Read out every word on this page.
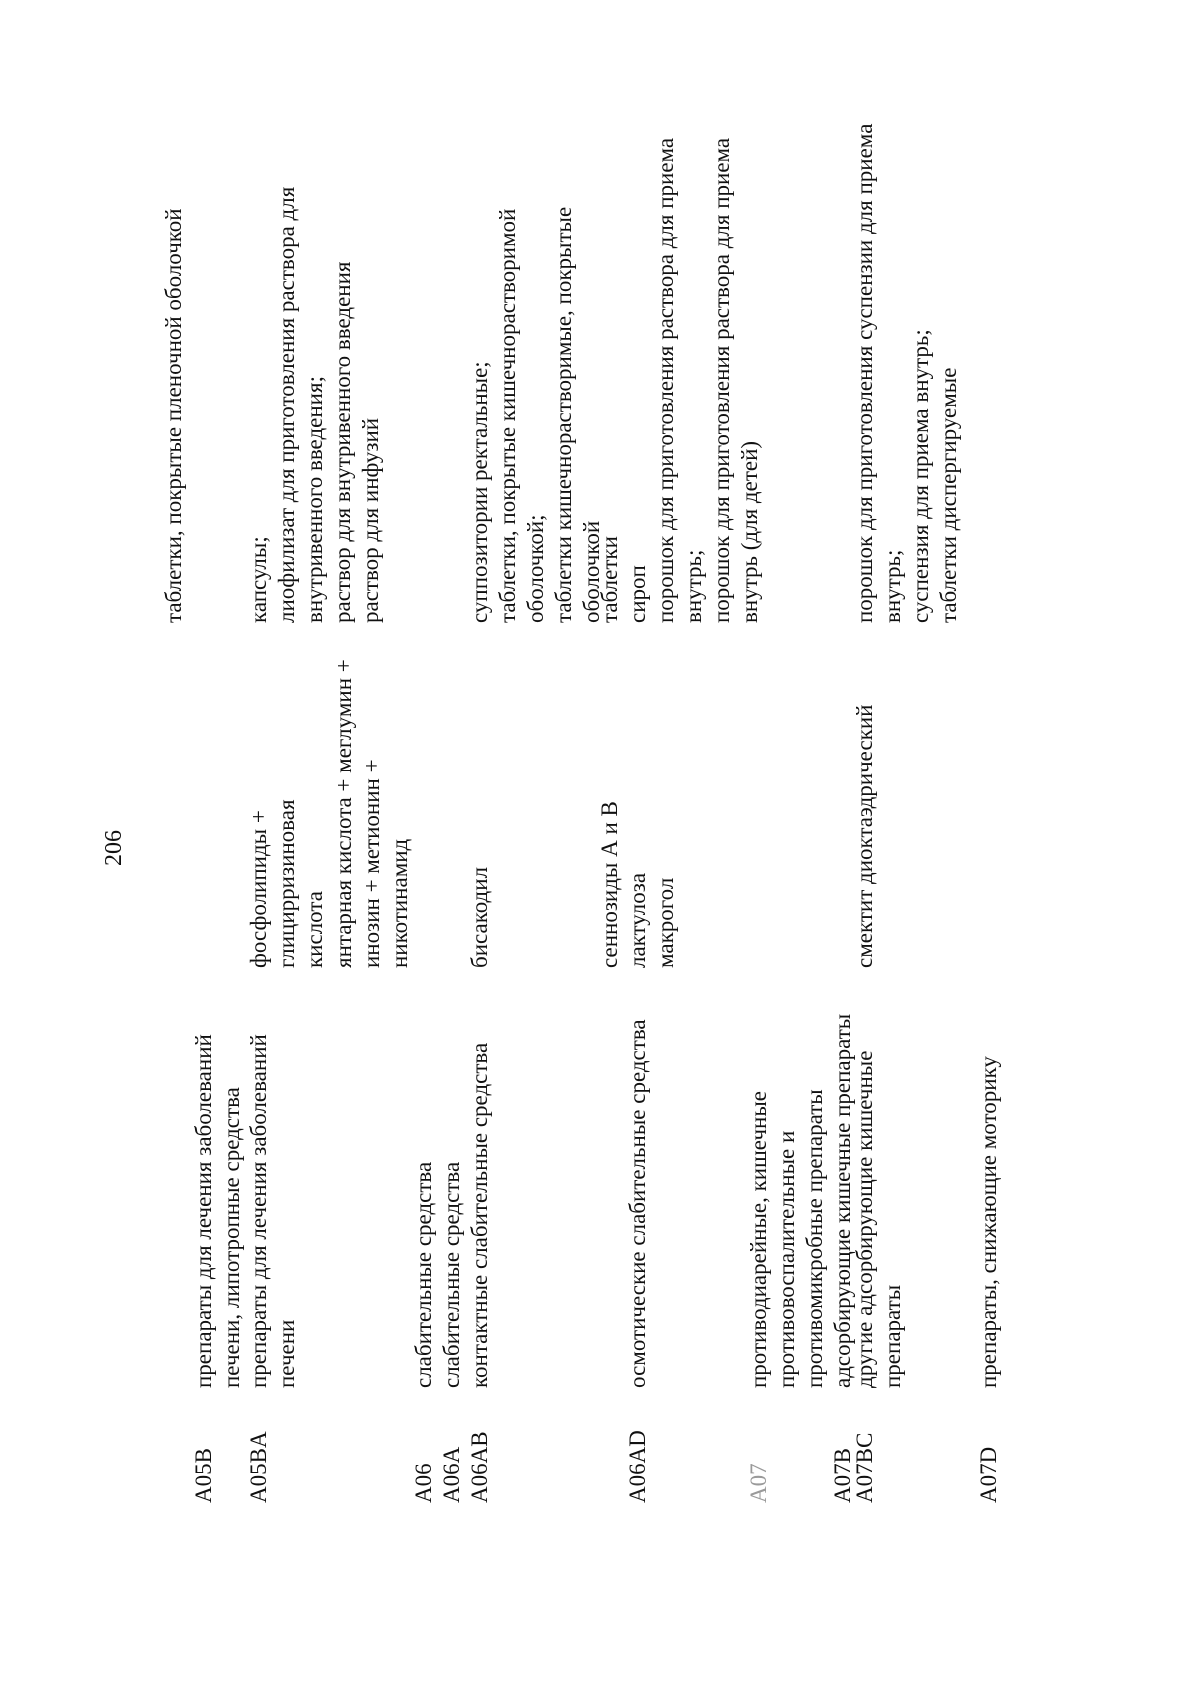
206
таблетки, покрытые пленочной оболочкой
A05B
препараты для лечения заболеваний
печени, липотропные средства
A05BA
препараты для лечения заболеваний
печени
фосфолипиды + глицирризиновая
кислота
капсулы;
лиофилизат для приготовления раствора для
внутривенного введения;
раствор для внутривенного введения
раствор для инфузий
янтарная кислота + меглумин +
инозин + метионин +
никотинамид
A06
слабительные средства
A06A
слабительные средства
A06AB
контактные слабительные средства
бисакодил
суппозитории ректальные;
таблетки, покрытые кишечнорастворимой
оболочкой;
таблетки кишечнорастворимые, покрытые
оболочкой
сеннозиды А и В
таблетки
A06AD
осмотические слабительные средства
лактулоза
сироп
макрогол
порошок для приготовления раствора для приема
внутрь;
порошок для приготовления раствора для приема
внутрь (для детей)
A07
противодиарейные, кишечные
противовоспалительные и
противомикробные препараты
A07B
адсорбирующие кишечные препараты
A07BC
другие адсорбирующие кишечные
препараты
смектит диоктаэдрический
порошок для приготовления суспензии для приема
внутрь;
суспензия для приема внутрь;
таблетки диспергируемые
A07D
препараты, снижающие моторику
